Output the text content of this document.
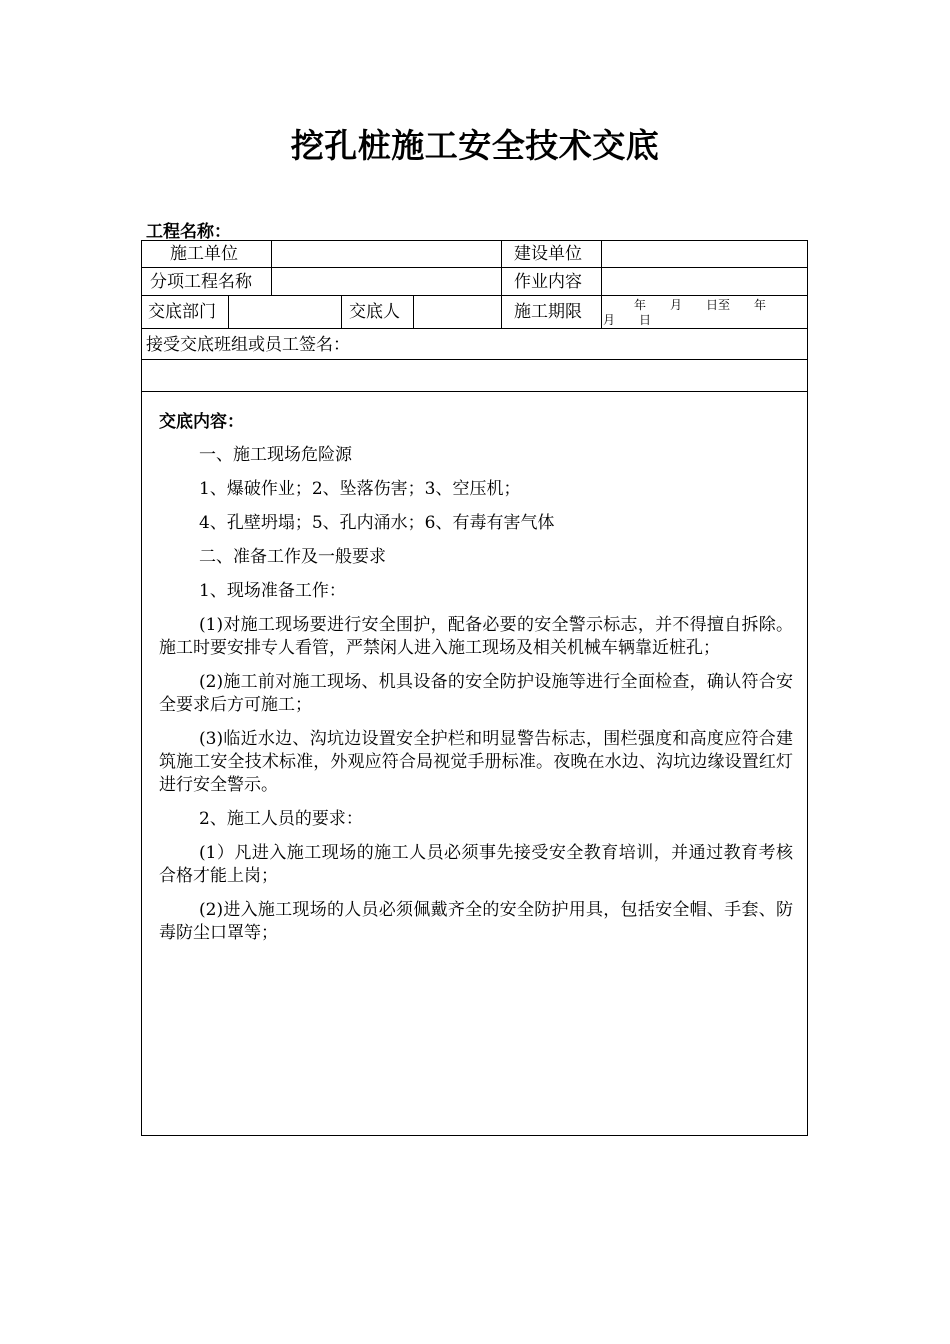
挖孔桩施工安全技术交底
工程名称：
施工单位	建设单位
分项工程名称	作业内容
交底部门	交底人	施工期限	年　　月　　日至　　年
月　　日
接受交底班组或员工签名：

交底内容：

一、施工现场危险源

1、爆破作业；2、坠落伤害；3、空压机；

4、孔壁坍塌；5、孔内涌水；6、有毒有害气体

二、准备工作及一般要求

1、现场准备工作：

(1)对施工现场要进行安全围护，配备必要的安全警示标志，并不得擅自拆除。施工时要安排专人看管，严禁闲人进入施工现场及相关机械车辆靠近桩孔；

(2)施工前对施工现场、机具设备的安全防护设施等进行全面检查，确认符合安全要求后方可施工；

(3)临近水边、沟坑边设置安全护栏和明显警告标志，围栏强度和高度应符合建筑施工安全技术标准，外观应符合局视觉手册标准。夜晚在水边、沟坑边缘设置红灯进行安全警示。

2、施工人员的要求：

(1）凡进入施工现场的施工人员必须事先接受安全教育培训，并通过教育考核合格才能上岗；

(2)进入施工现场的人员必须佩戴齐全的安全防护用具，包括安全帽、手套、防毒防尘口罩等；
